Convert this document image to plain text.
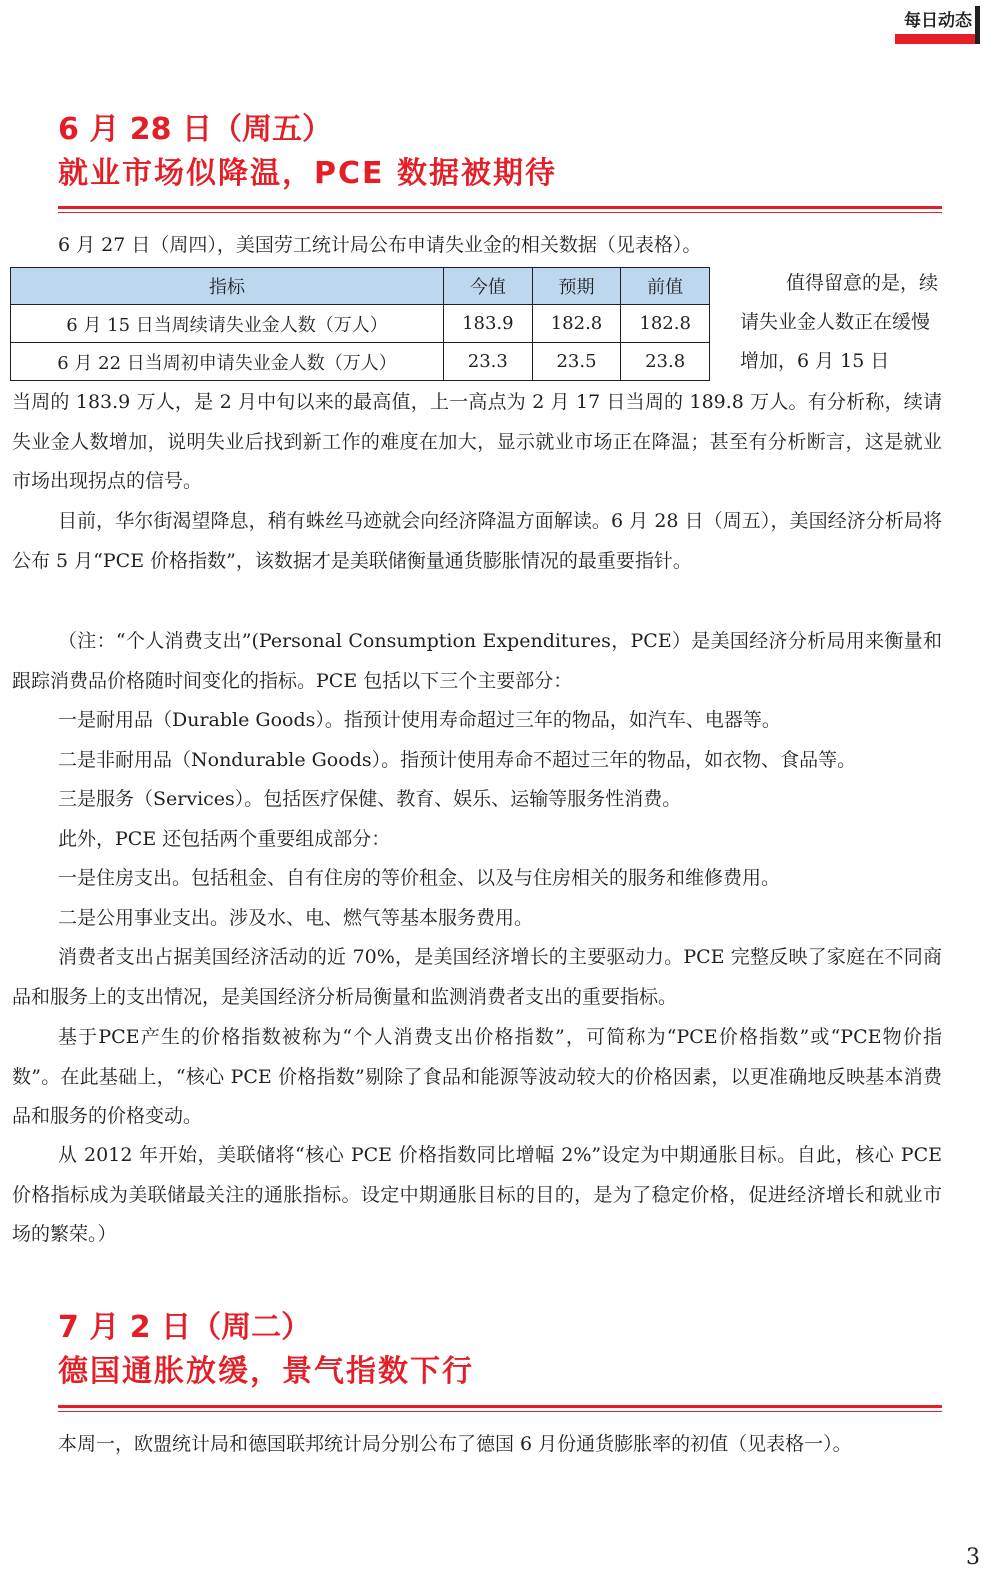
每日动态
6 月 28 日（周五）
就业市场似降温，PCE 数据被期待

6 月 27 日（周四），美国劳工统计局公布申请失业金的相关数据（见表格）。

指标	今值	预期	前值
6 月 15 日当周续请失业金人数（万人）	183.9	182.8	182.8
6 月 22 日当周初申请失业金人数（万人）	23.3	23.5	23.8
值得留意的是，续请失业金人数正在缓慢增加，6 月 15 日

当周的 183.9 万人，是 2 月中旬以来的最高值，上一高点为 2 月 17 日当周的 189.8 万人。有分析称，续请失业金人数增加，说明失业后找到新工作的难度在加大，显示就业市场正在降温；甚至有分析断言，这是就业市场出现拐点的信号。

目前，华尔街渴望降息，稍有蛛丝马迹就会向经济降温方面解读。6 月 28 日（周五），美国经济分析局将公布 5 月“PCE 价格指数”，该数据才是美联储衡量通货膨胀情况的最重要指针。

（注：“个人消费支出”(Personal Consumption Expenditures，PCE）是美国经济分析局用来衡量和跟踪消费品价格随时间变化的指标。PCE 包括以下三个主要部分：

一是耐用品（Durable Goods）。指预计使用寿命超过三年的物品，如汽车、电器等。

二是非耐用品（Nondurable Goods）。指预计使用寿命不超过三年的物品，如衣物、食品等。

三是服务（Services）。包括医疗保健、教育、娱乐、运输等服务性消费。

此外，PCE 还包括两个重要组成部分：

一是住房支出。包括租金、自有住房的等价租金、以及与住房相关的服务和维修费用。

二是公用事业支出。涉及水、电、燃气等基本服务费用。

消费者支出占据美国经济活动的近 70%，是美国经济增长的主要驱动力。PCE 完整反映了家庭在不同商品和服务上的支出情况，是美国经济分析局衡量和监测消费者支出的重要指标。

基于PCE产生的价格指数被称为“个人消费支出价格指数”，可简称为“PCE价格指数”或“PCE物价指数”。在此基础上，“核心 PCE 价格指数”剔除了食品和能源等波动较大的价格因素，以更准确地反映基本消费品和服务的价格变动。

从 2012 年开始，美联储将“核心 PCE 价格指数同比增幅 2%”设定为中期通胀目标。自此，核心 PCE 价格指标成为美联储最关注的通胀指标。设定中期通胀目标的目的，是为了稳定价格，促进经济增长和就业市场的繁荣。）

7 月 2 日（周二）
德国通胀放缓，景气指数下行

本周一，欧盟统计局和德国联邦统计局分别公布了德国 6 月份通货膨胀率的初值（见表格一）。

3
